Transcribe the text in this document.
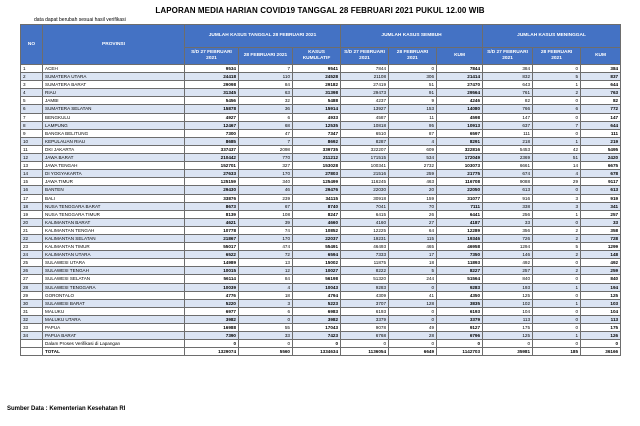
LAPORAN MEDIA HARIAN COVID19 TANGGAL 28 FEBRUARI 2021 PUKUL 12.00 WIB
data dapat berubah sesuai hasil verifikasi
NO	PROVINSI	JUMLAH KASUS TANGGAL 28 FEBRUARI 2021			JUMLAH KASUS SEMBUH			JUMLAH KASUS MENINGGAL		
		S/D 27 FEBRUARI 2021	28 FEBRUARI 2021	KASUS KUMULATIF	S/D 27 FEBRUARI 2021	28 FEBRUARI 2021	KUM	S/D 27 FEBRUARI 2021	28 FEBRUARI 2021	KUM
1	ACEH	9534	7	9541	7844	0	7844	384	0	384
2	SUMATERA UTARA	24418	110	24528	21108	306	21414	832	5	837
3	SUMATERA BARAT	29098	84	29182	27419	51	27470	643	1	644
4	RIAU	31345	63	31398	29473	91	29564	761	2	763
5	JAMBI	5456	32	5488	4237	9	4246	82	0	82
6	SUMATERA SELATAN	15878	36	15914	13927	153	14080	766	6	772
7	BENGKULU	4927	6	4933	4587	11	4598	147	0	147
8	LAMPUNG	12467	68	12535	10818	95	10913	637	7	644
9	BANGKA BELITUNG	7300	47	7347	6510	87	6597	111	0	111
10	KEPULAUAN RIAU	8685	7	8692	8287	4	8291	218	1	219
11	DKI JAKARTA	337437	2098	339735	322207	609	322816	5453	42	5495
12	JAWA BARAT	210442	770	211212	171515	534	172049	2369	51	2420
13	JAWA TENGAH	152701	327	153028	100341	2732	103073	6661	14	6675
14	DI YOGYAKARTA	27633	170	27803	21516	259	21775	674	4	678
15	JAWA TIMUR	125159	340	125499	116245	463	116708	9088	29	9117
16	BANTEN	29430	46	29476	22030	20	22050	613	0	613
17	BALI	33876	239	34115	30918	159	31077	916	3	919
18	NUSA TENGGARA BARAT	8673	67	8740	7041	70	7111	338	3	341
19	NUSA TENGGARA TIMUR	8139	108	8247	6415	26	6441	256	1	257
20	KALIMANTAN BARAT	4621	39	4660	4160	27	4187	33	0	33
21	KALIMANTAN TENGAH	10778	74	10852	12225	64	12289	356	2	358
22	KALIMANTAN SELATAN	21867	170	22037	19231	115	19346	726	2	728
23	KALIMANTAN TIMUR	55017	474	55491	46493	465	46958	1294	5	1299
24	KALIMANTAN UTARA	6522	72	6594	7333	17	7350	146	2	148
25	SULAWESI UTARA	14989	13	15002	11875	18	11893	492	0	492
26	SULAWESI TENGAH	10015	12	10027	8222	5	8227	257	2	259
27	SULAWESI SELATAN	56114	84	56198	51320	244	51564	840	0	840
28	SULAWESI TENGGARA	10039	4	10043	9283	0	9283	193	1	194
29	GORONTALO	4776	18	4794	4309	41	4350	125	0	125
30	SULAWESI BARAT	5220	3	5223	3707	128	3835	102	1	103
31	MALUKU	6977	6	6983	6193	0	6193	104	0	104
32	MALUKU UTARA	3982	0	3982	3379	0	3379	113	0	113
33	PAPUA	16988	55	17043	9078	49	9127	175	0	175
34	PAPUA BARAT	7390	33	7423	6768	28	6796	125	1	126
	Dalam Proses Verifikasi di Lapangan	0	0	0	0	0	0	0	0	0
	TOTAL	1329074	5560	1334634	1136054	6649	1142703	35981	185	36166
Sumber Data : Kementerian Kesehatan RI
